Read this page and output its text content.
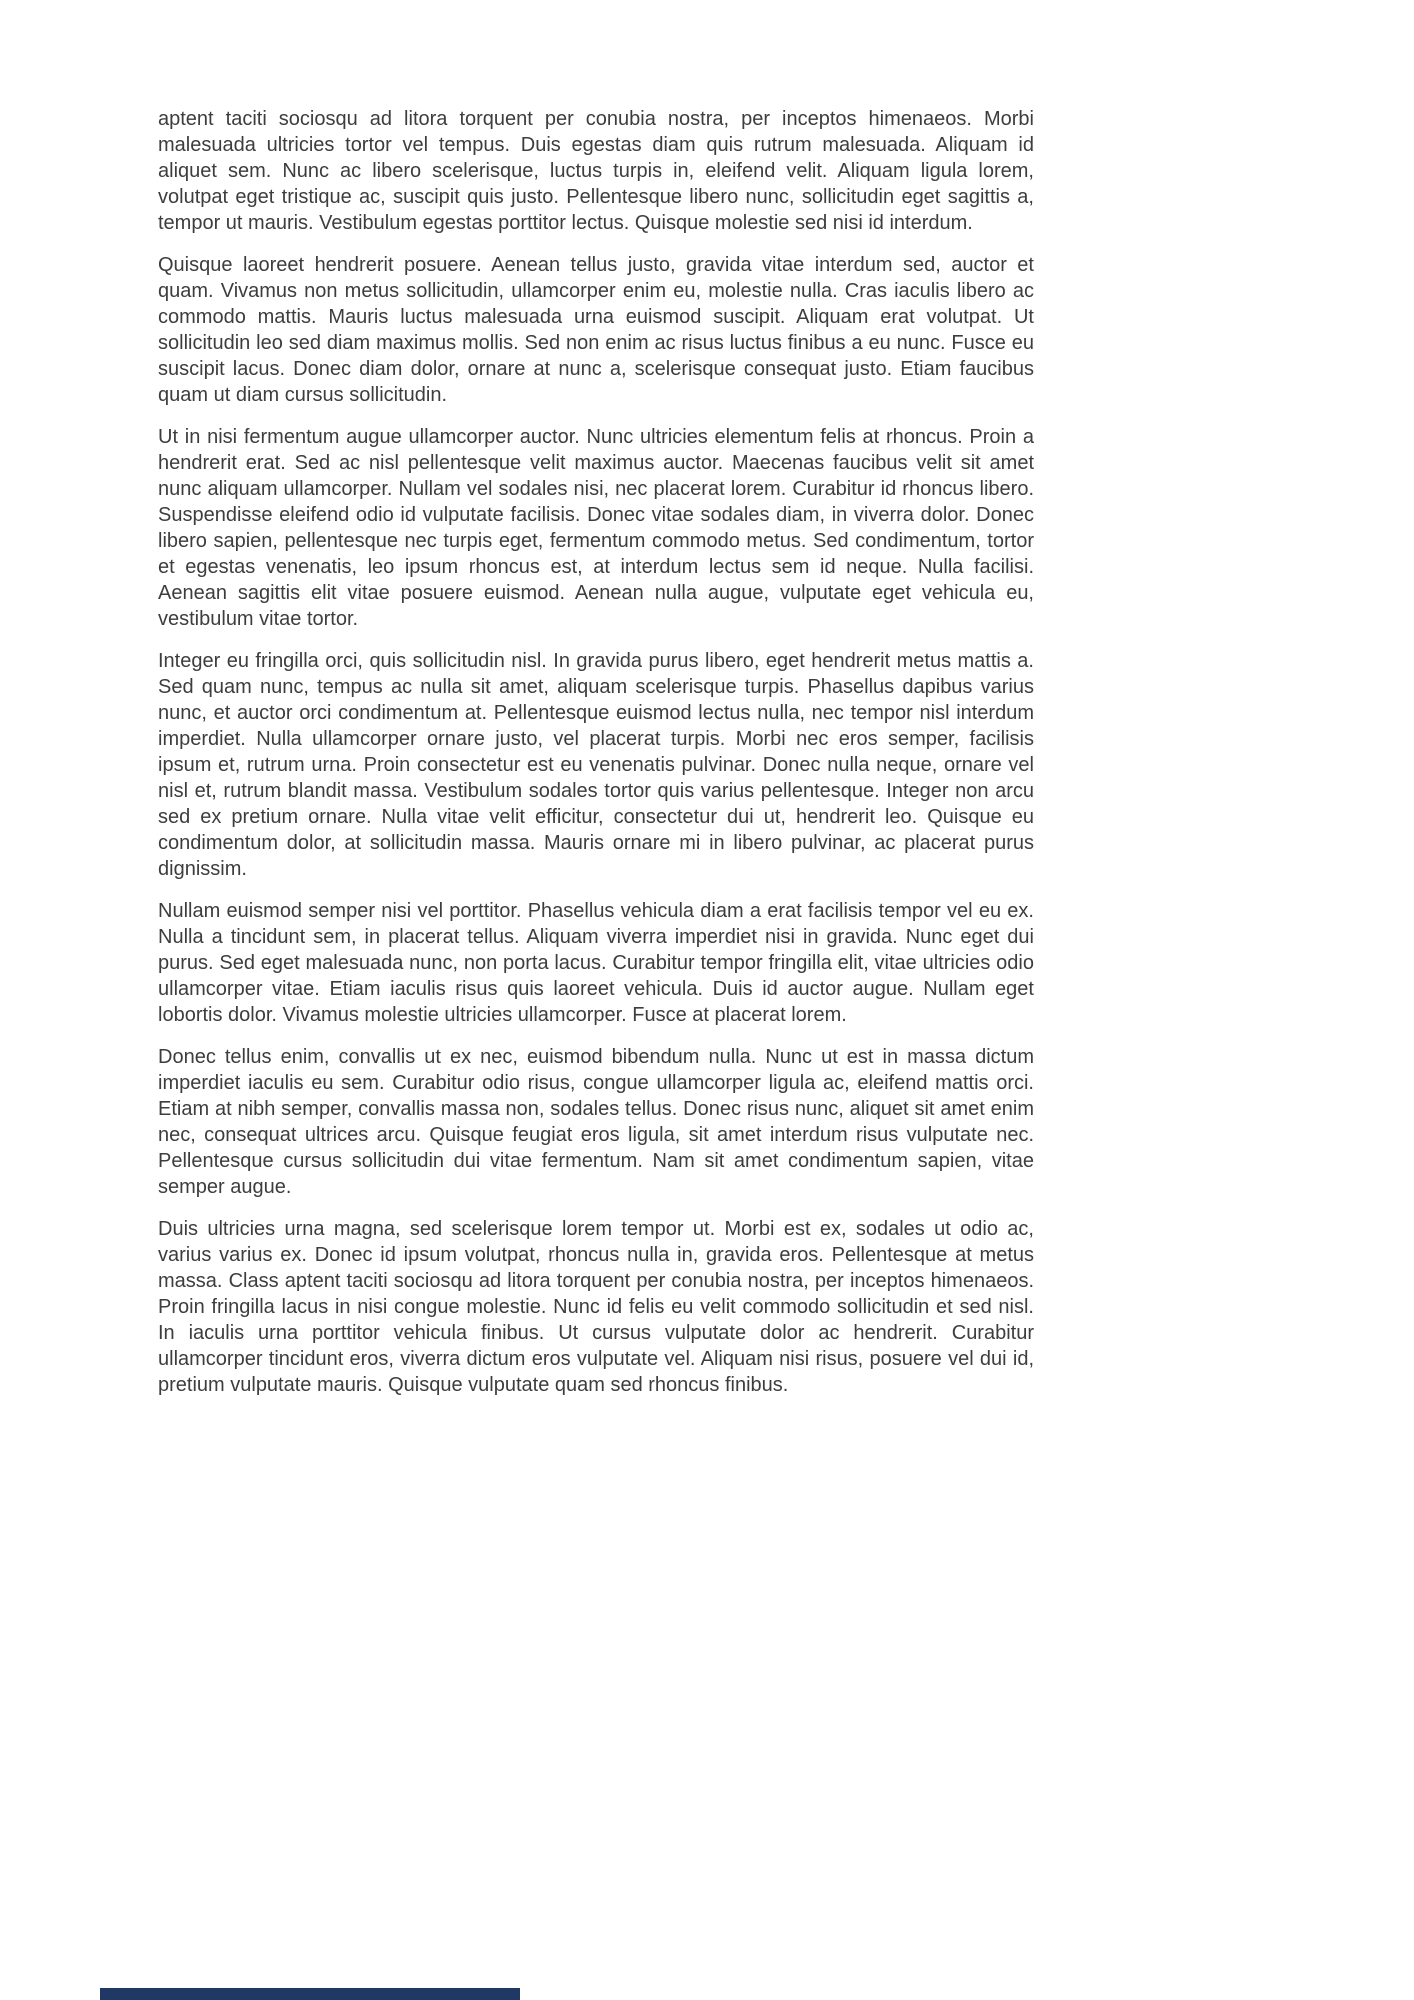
aptent taciti sociosqu ad litora torquent per conubia nostra, per inceptos himenaeos. Morbi malesuada ultricies tortor vel tempus. Duis egestas diam quis rutrum malesuada. Aliquam id aliquet sem. Nunc ac libero scelerisque, luctus turpis in, eleifend velit. Aliquam ligula lorem, volutpat eget tristique ac, suscipit quis justo. Pellentesque libero nunc, sollicitudin eget sagittis a, tempor ut mauris. Vestibulum egestas porttitor lectus. Quisque molestie sed nisi id interdum.

Quisque laoreet hendrerit posuere. Aenean tellus justo, gravida vitae interdum sed, auctor et quam. Vivamus non metus sollicitudin, ullamcorper enim eu, molestie nulla. Cras iaculis libero ac commodo mattis. Mauris luctus malesuada urna euismod suscipit. Aliquam erat volutpat. Ut sollicitudin leo sed diam maximus mollis. Sed non enim ac risus luctus finibus a eu nunc. Fusce eu suscipit lacus. Donec diam dolor, ornare at nunc a, scelerisque consequat justo. Etiam faucibus quam ut diam cursus sollicitudin.

Ut in nisi fermentum augue ullamcorper auctor. Nunc ultricies elementum felis at rhoncus. Proin a hendrerit erat. Sed ac nisl pellentesque velit maximus auctor. Maecenas faucibus velit sit amet nunc aliquam ullamcorper. Nullam vel sodales nisi, nec placerat lorem. Curabitur id rhoncus libero. Suspendisse eleifend odio id vulputate facilisis. Donec vitae sodales diam, in viverra dolor. Donec libero sapien, pellentesque nec turpis eget, fermentum commodo metus. Sed condimentum, tortor et egestas venenatis, leo ipsum rhoncus est, at interdum lectus sem id neque. Nulla facilisi. Aenean sagittis elit vitae posuere euismod. Aenean nulla augue, vulputate eget vehicula eu, vestibulum vitae tortor.

Integer eu fringilla orci, quis sollicitudin nisl. In gravida purus libero, eget hendrerit metus mattis a. Sed quam nunc, tempus ac nulla sit amet, aliquam scelerisque turpis. Phasellus dapibus varius nunc, et auctor orci condimentum at. Pellentesque euismod lectus nulla, nec tempor nisl interdum imperdiet. Nulla ullamcorper ornare justo, vel placerat turpis. Morbi nec eros semper, facilisis ipsum et, rutrum urna. Proin consectetur est eu venenatis pulvinar. Donec nulla neque, ornare vel nisl et, rutrum blandit massa. Vestibulum sodales tortor quis varius pellentesque. Integer non arcu sed ex pretium ornare. Nulla vitae velit efficitur, consectetur dui ut, hendrerit leo. Quisque eu condimentum dolor, at sollicitudin massa. Mauris ornare mi in libero pulvinar, ac placerat purus dignissim.

Nullam euismod semper nisi vel porttitor. Phasellus vehicula diam a erat facilisis tempor vel eu ex. Nulla a tincidunt sem, in placerat tellus. Aliquam viverra imperdiet nisi in gravida. Nunc eget dui purus. Sed eget malesuada nunc, non porta lacus. Curabitur tempor fringilla elit, vitae ultricies odio ullamcorper vitae. Etiam iaculis risus quis laoreet vehicula. Duis id auctor augue. Nullam eget lobortis dolor. Vivamus molestie ultricies ullamcorper. Fusce at placerat lorem.

Donec tellus enim, convallis ut ex nec, euismod bibendum nulla. Nunc ut est in massa dictum imperdiet iaculis eu sem. Curabitur odio risus, congue ullamcorper ligula ac, eleifend mattis orci. Etiam at nibh semper, convallis massa non, sodales tellus. Donec risus nunc, aliquet sit amet enim nec, consequat ultrices arcu. Quisque feugiat eros ligula, sit amet interdum risus vulputate nec. Pellentesque cursus sollicitudin dui vitae fermentum. Nam sit amet condimentum sapien, vitae semper augue.

Duis ultricies urna magna, sed scelerisque lorem tempor ut. Morbi est ex, sodales ut odio ac, varius varius ex. Donec id ipsum volutpat, rhoncus nulla in, gravida eros. Pellentesque at metus massa. Class aptent taciti sociosqu ad litora torquent per conubia nostra, per inceptos himenaeos. Proin fringilla lacus in nisi congue molestie. Nunc id felis eu velit commodo sollicitudin et sed nisl. In iaculis urna porttitor vehicula finibus. Ut cursus vulputate dolor ac hendrerit. Curabitur ullamcorper tincidunt eros, viverra dictum eros vulputate vel. Aliquam nisi risus, posuere vel dui id, pretium vulputate mauris. Quisque vulputate quam sed rhoncus finibus.
